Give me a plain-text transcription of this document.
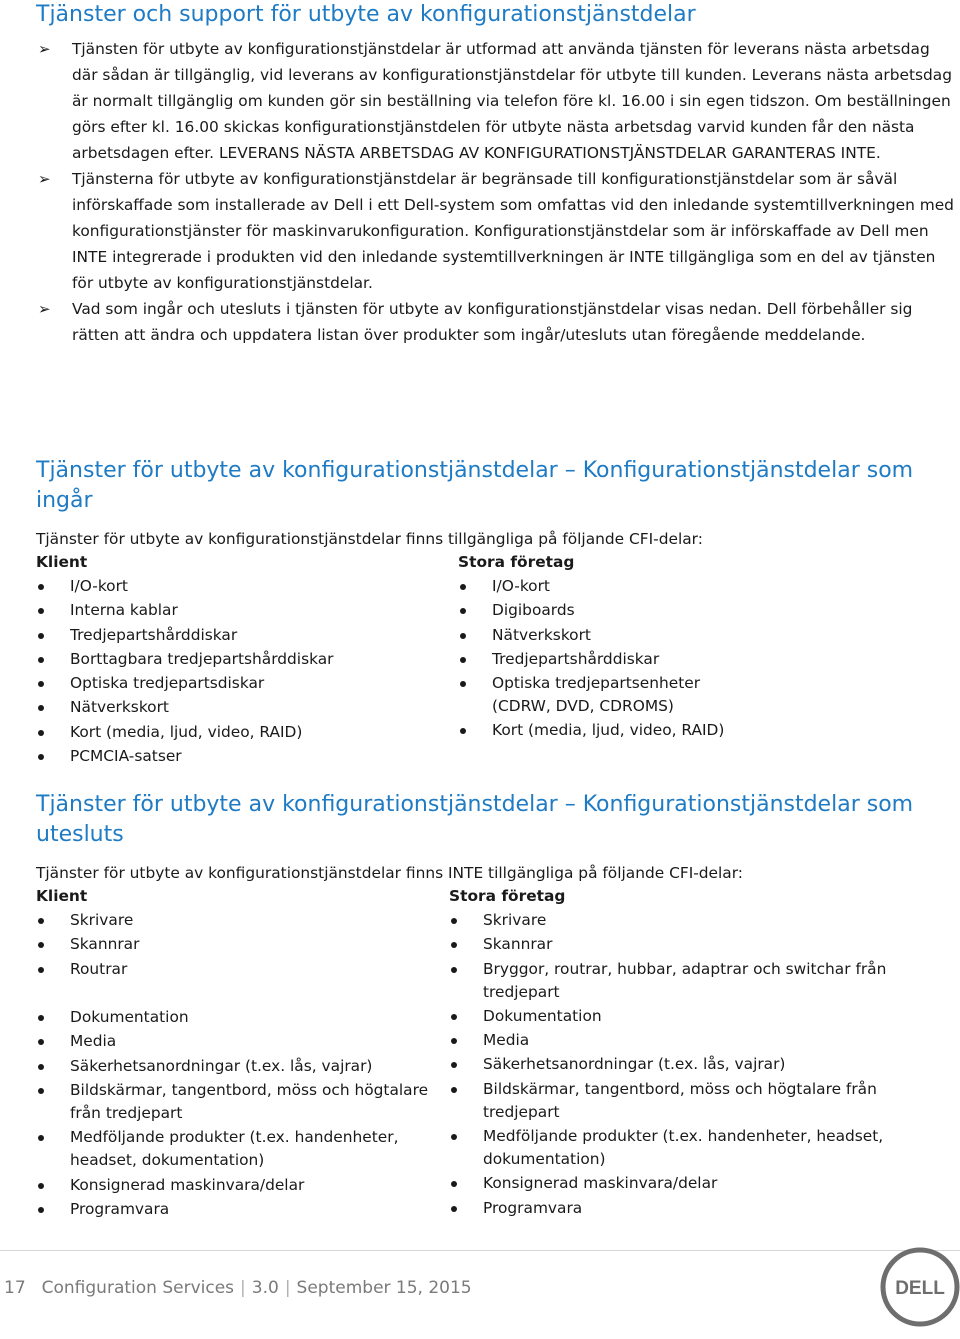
Tjänster och support för utbyte av konfigurationstjänstdelar
➢ Tjänsten för utbyte av konfigurationstjänstdelar är utformad att använda tjänsten för leverans nästa arbetsdag där sådan är tillgänglig, vid leverans av konfigurationstjänstdelar för utbyte till kunden. Leverans nästa arbetsdag är normalt tillgänglig om kunden gör sin beställning via telefon före kl. 16.00 i sin egen tidszon. Om beställningen görs efter kl. 16.00 skickas konfigurationstjänstdelen för utbyte nästa arbetsdag varvid kunden får den nästa arbetsdagen efter. LEVERANS NÄSTA ARBETSDAG AV KONFIGURATIONSTJÄNSTDELAR GARANTERAS INTE.

➢ Tjänsterna för utbyte av konfigurationstjänstdelar är begränsade till konfigurationstjänstdelar som är såväl införskaffade som installerade av Dell i ett Dell-system som omfattas vid den inledande systemtillverkningen med konfigurationstjänster för maskinvarukonfiguration. Konfigurationstjänstdelar som är införskaffade av Dell men INTE integrerade i produkten vid den inledande systemtillverkningen är INTE tillgängliga som en del av tjänsten för utbyte av konfigurationstjänstdelar.

➢ Vad som ingår och utesluts i tjänsten för utbyte av konfigurationstjänstdelar visas nedan. Dell förbehåller sig rätten att ändra och uppdatera listan över produkter som ingår/utesluts utan föregående meddelande.

Tjänster för utbyte av konfigurationstjänstdelar – Konfigurationstjänstdelar som ingår

Tjänster för utbyte av konfigurationstjänstdelar finns tillgängliga på följande CFI-delar:

Klient	Stora företag
I/O-kort
Interna kablar
Tredjepartshårddiskar
Borttagbara tredjepartshårddiskar
Optiska tredjepartsdiskar
Nätverkskort
Kort (media, ljud, video, RAID)
PCMCIA-satser
I/O-kort
Digiboards
Nätverkskort
Tredjepartshårddiskar
Optiska tredjepartsenheter (CDRW, DVD, CDROMS)
Kort (media, ljud, video, RAID)
Tjänster för utbyte av konfigurationstjänstdelar – Konfigurationstjänstdelar som utesluts

Tjänster för utbyte av konfigurationstjänstdelar finns INTE tillgängliga på följande CFI-delar:

Klient	Stora företag
Skrivare
Skannrar
Routrar
Dokumentation
Media
Säkerhetsanordningar (t.ex. lås, vajrar)
Bildskärmar, tangentbord, möss och högtalare från tredjepart
Medföljande produkter (t.ex. handenheter, headset, dokumentation)
Konsignerad maskinvara/delar
Programvara
Skrivare
Skannrar
Bryggor, routrar, hubbar, adaptrar och switchar från tredjepart
Dokumentation
Media
Säkerhetsanordningar (t.ex. lås, vajrar)
Bildskärmar, tangentbord, möss och högtalare från tredjepart
Medföljande produkter (t.ex. handenheter, headset, dokumentation)
Konsignerad maskinvara/delar
Programvara
17 Configuration Services | 3.0 | September 15, 2015	DELL
